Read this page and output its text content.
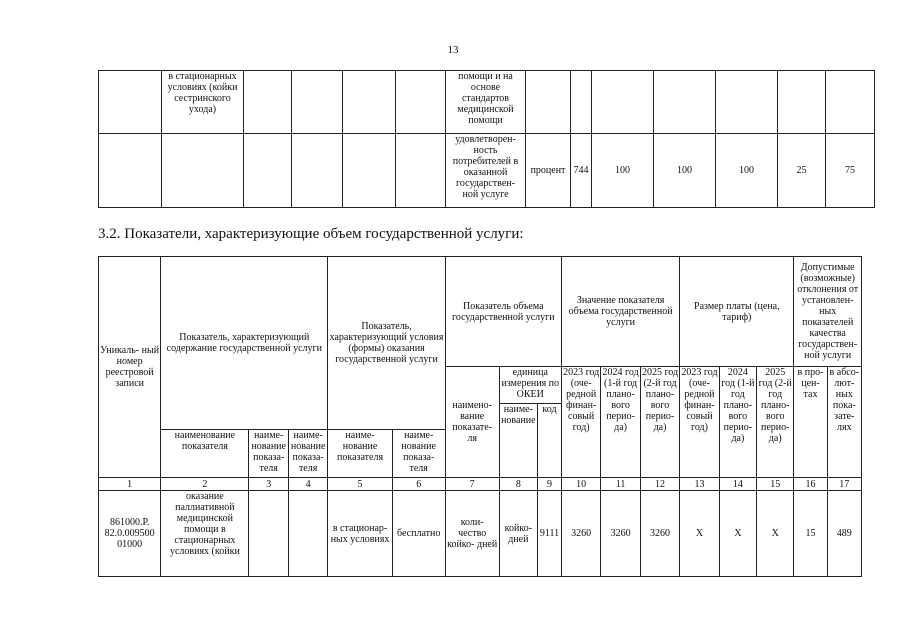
13
	в стационарных условиях (койки сестринского ухода)					помощи и на основе стандартов медицинской помощи							
						удовлетворен- ность потребителей в оказанной государствен- ной услуге	процент	744	100	100	100	25	75
3.2. Показатели, характеризующие объем государственной услуги:
Уникаль- ный номер реестровой записи	Показатель, характеризующий содержание государственной услуги			Показатель, характеризующий условия (формы) оказания государственной услуги		Показатель объема государственной услуги			Значение показателя объема государственной услуги			Размер платы (цена, тариф)			Допустимые (возможные) отклонения от установлен- ных показателей качества государствен- ной услуги	
						наимено- вание показате- ля	единица измерения по ОКЕИ		2023 год (оче- редной финан- совый год)	2024 год (1-й год плано- вого перио- да)	2025 год (2-й год плано- вого перио- да)	2023 год (оче- редной финан- совый год)	2024 год (1-й год плано- вого перио- да)	2025 год (2-й год плано- вого перио- да)	в про- цен- тах	в абсо- лют- ных пока- зате- лях
							наиме- нование	код								
	наименование показателя	наиме- нование показа- теля	наиме- нование показа- теля	наиме- нование показателя	наиме- нование показа- теля											
1	2	3	4	5	6	7	8	9	10	11	12	13	14	15	16	17
861000.Р. 82.0.009500 01000	оказание паллиативной медицинской помощи в стационарных условиях (койки			в стационар- ных условиях	бесплатно	коли- чество койко- дней	койко- дней	9111	3260	3260	3260	Х	Х	Х	15	489
